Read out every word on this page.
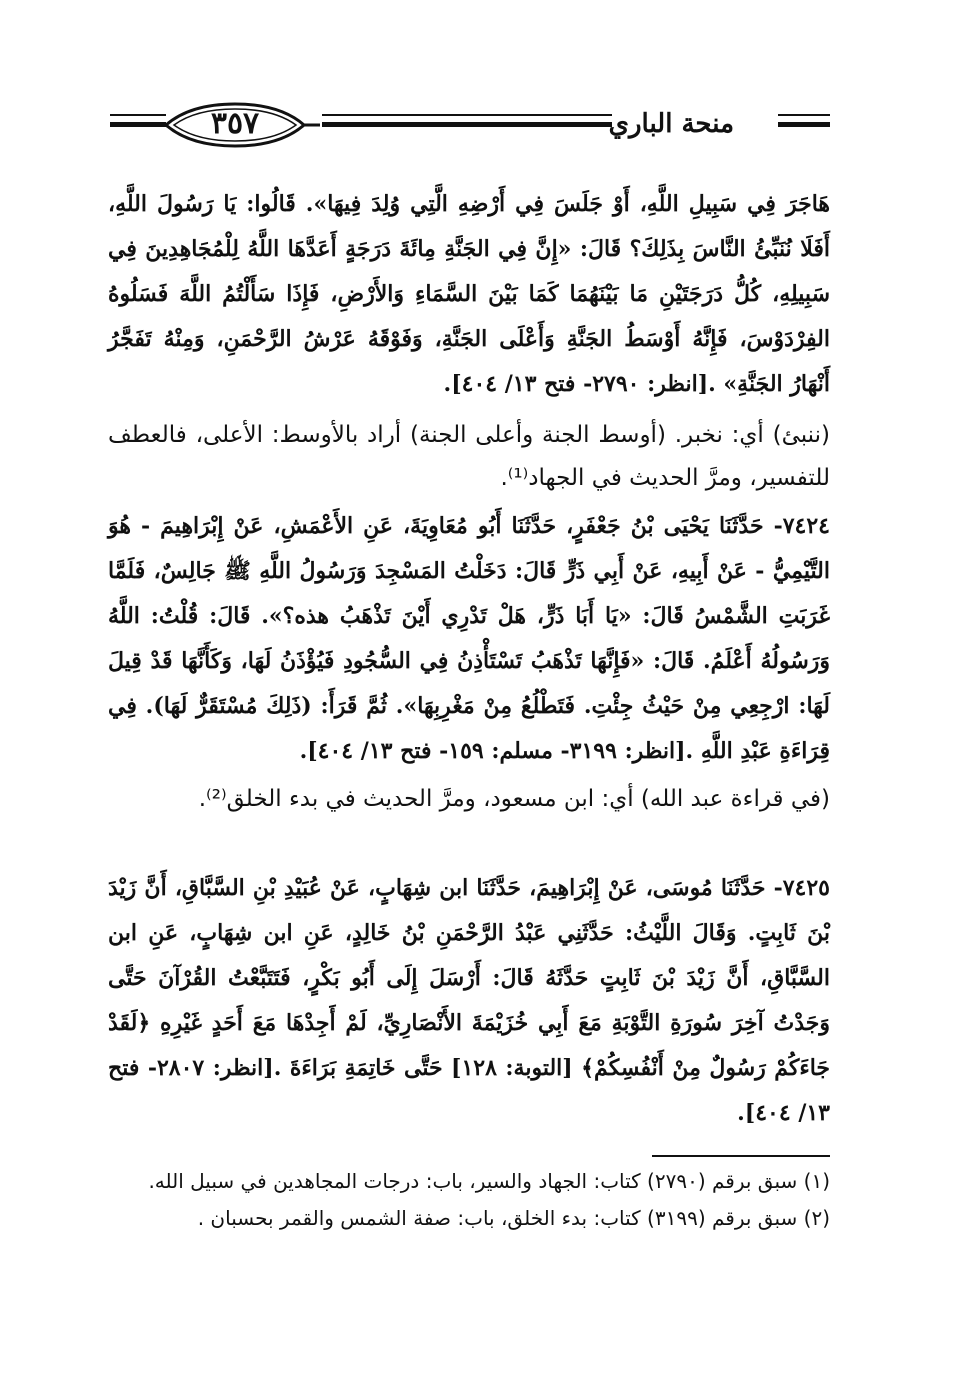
٣٥٧	منحة الباري
هَاجَرَ فِي سَبِيلِ اللَّهِ، أَوْ جَلَسَ فِي أَرْضِهِ الَّتِي وُلِدَ فِيهَا». قَالُوا: يَا رَسُولَ اللَّهِ، أَفَلَا نُنَبِّئُ النَّاسَ بِذَلِكَ؟ قَالَ: «إِنَّ فِي الجَنَّةِ مِائَةَ دَرَجَةٍ أَعَدَّهَا اللَّهُ لِلْمُجَاهِدِينَ فِي سَبِيلِهِ، كُلُّ دَرَجَتَيْنِ مَا بَيْنَهُمَا كَمَا بَيْنَ السَّمَاءِ وَالأَرْضِ، فَإِذَا سَأَلْتُمُ اللَّهَ فَسَلُوهُ الفِرْدَوْسَ، فَإِنَّهُ أَوْسَطُ الجَنَّةِ وَأَعْلَى الجَنَّةِ، وَفَوْقَهُ عَرْشُ الرَّحْمَنِ، وَمِنْهُ تَفَجَّرُ أَنْهَارُ الجَنَّةِ» .[انظر: ٢٧٩٠- فتح ١٣/ ٤٠٤].
(ننبئ) أي: نخبر. (أوسط الجنة وأعلى الجنة) أراد بالأوسط: الأعلى، فالعطف للتفسير، ومرَّ الحديث في الجهاد⁽¹⁾.
٧٤٢٤- حَدَّثَنَا يَحْيَى بْنُ جَعْفَرٍ، حَدَّثَنَا أَبُو مُعَاوِيَةَ، عَنِ الأَعْمَشِ، عَنْ إِبْرَاهِيمَ - هُوَ التَّيْمِيُّ - عَنْ أَبِيهِ، عَنْ أَبِي ذَرٍّ قَالَ: دَخَلْتُ المَسْجِدَ وَرَسُولُ اللَّهِ ﷺ جَالِسٌ، فَلَمَّا غَرَبَتِ الشَّمْسُ قَالَ: «يَا أَبَا ذَرٍّ، هَلْ تَدْرِي أَيْنَ تَذْهَبُ هذه؟». قَالَ: قُلْتُ: اللَّهُ وَرَسُولُهُ أَعْلَمُ. قَالَ: «فَإِنَّهَا تَذْهَبُ تَسْتَأْذِنُ فِي السُّجُودِ فَيُؤْذَنُ لَهَا، وَكَأَنَّهَا قَدْ قِيلَ لَهَا: ارْجِعِي مِنْ حَيْثُ جِئْتِ. فَتَطْلُعُ مِنْ مَغْرِبِهَا». ثُمَّ قَرَأَ: (ذَلِكَ مُسْتَقَرٌّ لَهَا). فِي قِرَاءَةِ عَبْدِ اللَّهِ .[انظر: ٣١٩٩- مسلم: ١٥٩- فتح ١٣/ ٤٠٤].
(في قراءة عبد الله) أي: ابن مسعود، ومرَّ الحديث في بدء الخلق⁽²⁾.
٧٤٢٥- حَدَّثَنَا مُوسَى، عَنْ إِبْرَاهِيمَ، حَدَّثَنَا ابن شِهَابٍ، عَنْ عُبَيْدِ بْنِ السَّبَّاقِ، أَنَّ زَيْدَ بْنَ ثَابِتٍ. وَقَالَ اللَّيْثُ: حَدَّثَنِي عَبْدُ الرَّحْمَنِ بْنُ خَالِدٍ، عَنِ ابن شِهَابٍ، عَنِ ابن السَّبَّاقِ، أَنَّ زَيْدَ بْنَ ثَابِتٍ حَدَّثَهُ قَالَ: أَرْسَلَ إِلَى أَبُو بَكْرٍ، فَتَتَبَّعْتُ القُرْآنَ حَتَّى وَجَدْتُ آخِرَ سُورَةِ التَّوْبَةِ مَعَ أَبِي خُزَيْمَةَ الأَنْصَارِيِّ، لَمْ أَجِدْهَا مَعَ أَحَدٍ غَيْرِهِ ﴿لَقَدْ جَاءَكُمْ رَسُولٌ مِنْ أَنْفُسِكُمْ﴾ [التوبة: ١٢٨] حَتَّى خَاتِمَةِ بَرَاءَةَ .[انظر: ٢٨٠٧- فتح ١٣/ ٤٠٤].

(١) سبق برقم (٢٧٩٠) كتاب: الجهاد والسير، باب: درجات المجاهدين في سبيل الله.

(٢) سبق برقم (٣١٩٩) كتاب: بدء الخلق، باب: صفة الشمس والقمر بحسبان .
